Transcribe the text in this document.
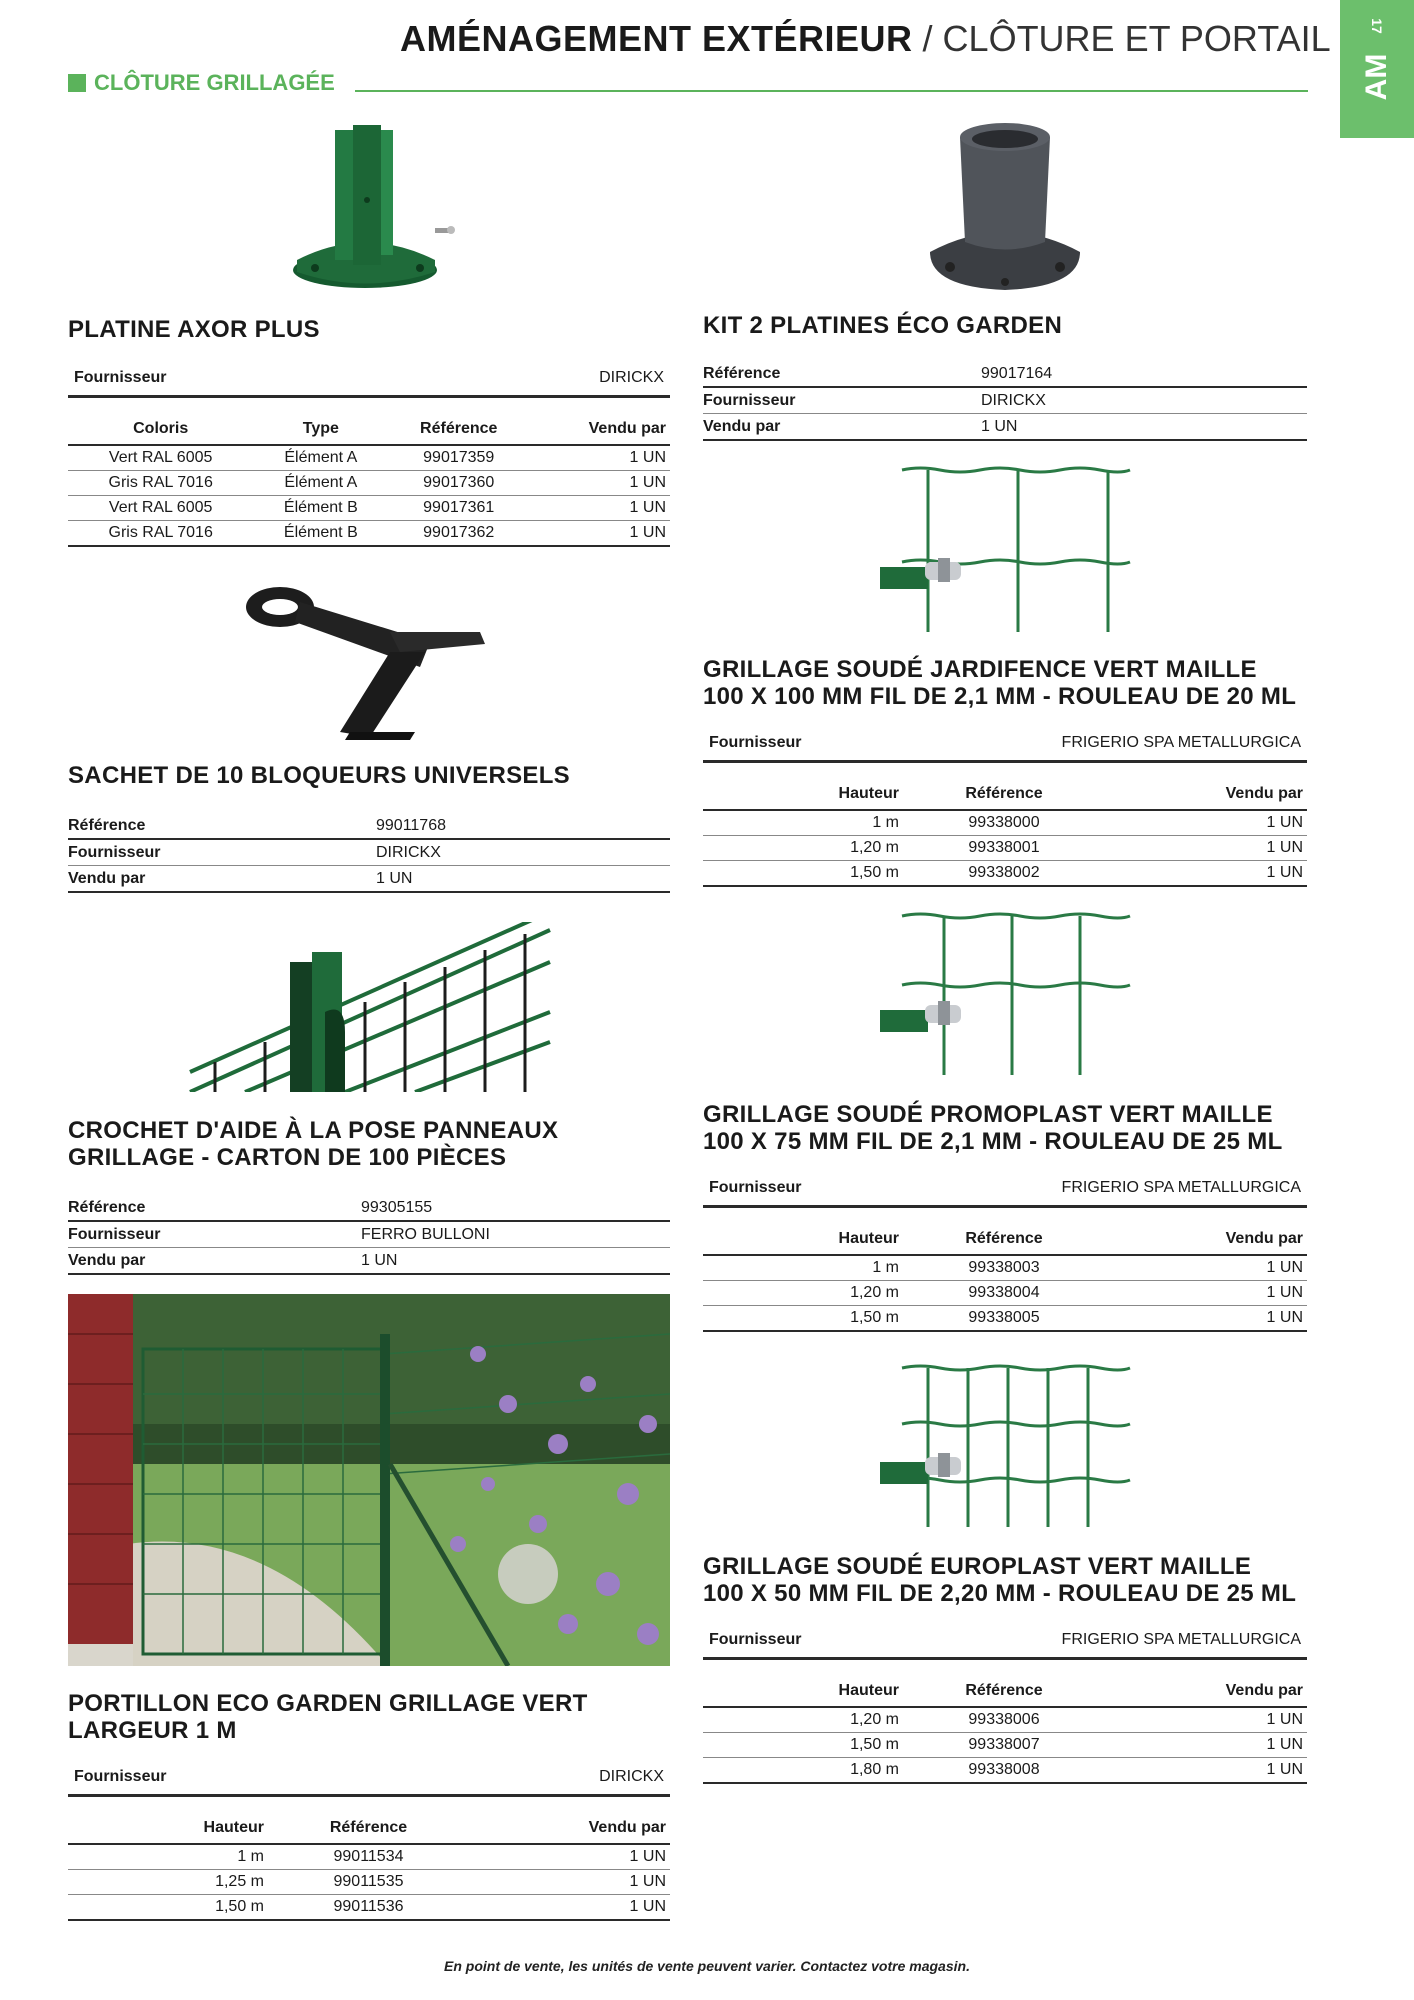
AMÉNAGEMENT EXTÉRIEUR / CLÔTURE ET PORTAIL	17
AM
CLÔTURE GRILLAGÉE
PLATINE AXOR PLUS
Fournisseur	DIRICKX
Coloris	Type	Référence	Vendu par
Vert RAL 6005	Élément A	99017359	1 UN
Gris RAL 7016	Élément A	99017360	1 UN
Vert RAL 6005	Élément B	99017361	1 UN
Gris RAL 7016	Élément B	99017362	1 UN
SACHET DE 10 BLOQUEURS UNIVERSELS
Référence	99011768
Fournisseur	DIRICKX
Vendu par	1 UN
CROCHET D'AIDE À LA POSE PANNEAUX
GRILLAGE - CARTON DE 100 PIÈCES
Référence	99305155
Fournisseur	FERRO BULLONI
Vendu par	1 UN
PORTILLON ECO GARDEN GRILLAGE VERT
LARGEUR 1 M
Fournisseur	DIRICKX
Hauteur	Référence	Vendu par
1 m	99011534	1 UN
1,25 m	99011535	1 UN
1,50 m	99011536	1 UN
KIT 2 PLATINES ÉCO GARDEN
Référence	99017164
Fournisseur	DIRICKX
Vendu par	1 UN
GRILLAGE SOUDÉ JARDIFENCE VERT MAILLE
100 X 100 MM FIL DE 2,1 MM - ROULEAU DE 20 ML
Fournisseur	FRIGERIO SPA METALLURGICA
Hauteur	Référence	Vendu par
1 m	99338000	1 UN
1,20 m	99338001	1 UN
1,50 m	99338002	1 UN
GRILLAGE SOUDÉ PROMOPLAST VERT MAILLE
100 X 75 MM FIL DE 2,1 MM - ROULEAU DE 25 ML
Fournisseur	FRIGERIO SPA METALLURGICA
Hauteur	Référence	Vendu par
1 m	99338003	1 UN
1,20 m	99338004	1 UN
1,50 m	99338005	1 UN
GRILLAGE SOUDÉ EUROPLAST VERT MAILLE
100 X 50 MM FIL DE 2,20 MM - ROULEAU DE 25 ML
Fournisseur	FRIGERIO SPA METALLURGICA
Hauteur	Référence	Vendu par
1,20 m	99338006	1 UN
1,50 m	99338007	1 UN
1,80 m	99338008	1 UN
En point de vente, les unités de vente peuvent varier. Contactez votre magasin.
